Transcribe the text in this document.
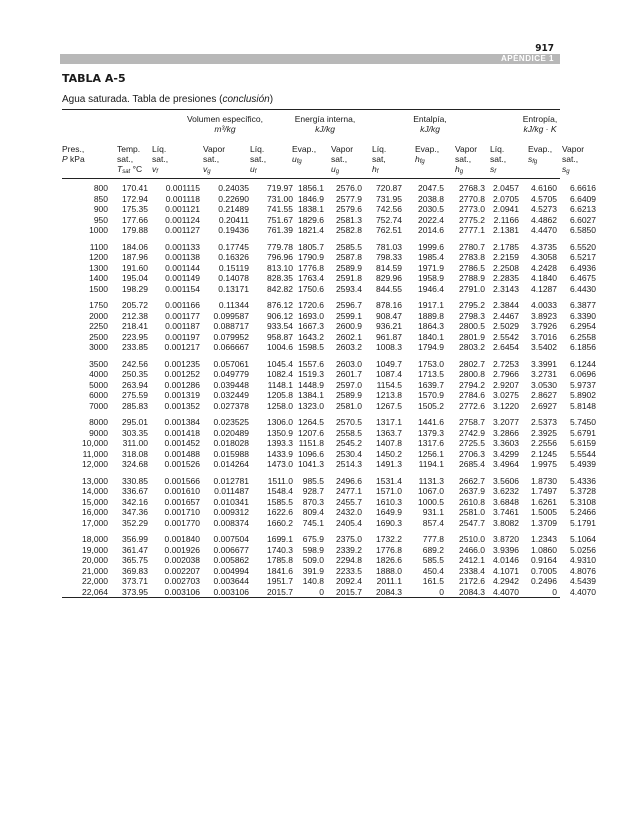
917
APÉNDICE 1
TABLA A-5
Agua saturada. Tabla de presiones (conclusión)
Volumen específico,
m³/kg
Energía interna,
kJ/kg
Entalpía,
kJ/kg
Entropía,
kJ/kg · K
Pres.,
P kPa
Temp.
sat.,
Tsat °C
Líq.
sat.,
vf
Vapor
sat.,
vg
Líq.
sat.,
uf
Evap.,
ufg
Vapor
sat.,
ug
Líq.
sat,
hf
Evap.,
hfg
Vapor
sat.,
hg
Líq.
sat.,
sf
Evap.,
sfg
Vapor
sat.,
sg
800 170.41 0.001115 0.24035 719.97 1856.1 2576.0 720.87 2047.5 2768.3 2.0457 4.6160 6.6616
850 172.94 0.001118 0.22690 731.00 1846.9 2577.9 731.95 2038.8 2770.8 2.0705 4.5705 6.6409
900 175.35 0.001121 0.21489 741.55 1838.1 2579.6 742.56 2030.5 2773.0 2.0941 4.5273 6.6213
950 177.66 0.001124 0.20411 751.67 1829.6 2581.3 752.74 2022.4 2775.2 2.1166 4.4862 6.6027
1000 179.88 0.001127 0.19436 761.39 1821.4 2582.8 762.51 2014.6 2777.1 2.1381 4.4470 6.5850
1100 184.06 0.001133 0.17745 779.78 1805.7 2585.5 781.03 1999.6 2780.7 2.1785 4.3735 6.5520
1200 187.96 0.001138 0.16326 796.96 1790.9 2587.8 798.33 1985.4 2783.8 2.2159 4.3058 6.5217
1300 191.60 0.001144 0.15119 813.10 1776.8 2589.9 814.59 1971.9 2786.5 2.2508 4.2428 6.4936
1400 195.04 0.001149 0.14078 828.35 1763.4 2591.8 829.96 1958.9 2788.9 2.2835 4.1840 6.4675
1500 198.29 0.001154 0.13171 842.82 1750.6 2593.4 844.55 1946.4 2791.0 2.3143 4.1287 6.4430
1750 205.72 0.001166 0.11344 876.12 1720.6 2596.7 878.16 1917.1 2795.2 2.3844 4.0033 6.3877
2000 212.38 0.001177 0.099587 906.12 1693.0 2599.1 908.47 1889.8 2798.3 2.4467 3.8923 6.3390
2250 218.41 0.001187 0.088717 933.54 1667.3 2600.9 936.21 1864.3 2800.5 2.5029 3.7926 6.2954
2500 223.95 0.001197 0.079952 958.87 1643.2 2602.1 961.87 1840.1 2801.9 2.5542 3.7016 6.2558
3000 233.85 0.001217 0.066667 1004.6 1598.5 2603.2 1008.3 1794.9 2803.2 2.6454 3.5402 6.1856
3500 242.56 0.001235 0.057061 1045.4 1557.6 2603.0 1049.7 1753.0 2802.7 2.7253 3.3991 6.1244
4000 250.35 0.001252 0.049779 1082.4 1519.3 2601.7 1087.4 1713.5 2800.8 2.7966 3.2731 6.0696
5000 263.94 0.001286 0.039448 1148.1 1448.9 2597.0 1154.5 1639.7 2794.2 2.9207 3.0530 5.9737
6000 275.59 0.001319 0.032449 1205.8 1384.1 2589.9 1213.8 1570.9 2784.6 3.0275 2.8627 5.8902
7000 285.83 0.001352 0.027378 1258.0 1323.0 2581.0 1267.5 1505.2 2772.6 3.1220 2.6927 5.8148
8000 295.01 0.001384 0.023525 1306.0 1264.5 2570.5 1317.1 1441.6 2758.7 3.2077 2.5373 5.7450
9000 303.35 0.001418 0.020489 1350.9 1207.6 2558.5 1363.7 1379.3 2742.9 3.2866 2.3925 5.6791
10,000 311.00 0.001452 0.018028 1393.3 1151.8 2545.2 1407.8 1317.6 2725.5 3.3603 2.2556 5.6159
11,000 318.08 0.001488 0.015988 1433.9 1096.6 2530.4 1450.2 1256.1 2706.3 3.4299 2.1245 5.5544
12,000 324.68 0.001526 0.014264 1473.0 1041.3 2514.3 1491.3 1194.1 2685.4 3.4964 1.9975 5.4939
13,000 330.85 0.001566 0.012781 1511.0 985.5 2496.6 1531.4 1131.3 2662.7 3.5606 1.8730 5.4336
14,000 336.67 0.001610 0.011487 1548.4 928.7 2477.1 1571.0 1067.0 2637.9 3.6232 1.7497 5.3728
15,000 342.16 0.001657 0.010341 1585.5 870.3 2455.7 1610.3 1000.5 2610.8 3.6848 1.6261 5.3108
16,000 347.36 0.001710 0.009312 1622.6 809.4 2432.0 1649.9 931.1 2581.0 3.7461 1.5005 5.2466
17,000 352.29 0.001770 0.008374 1660.2 745.1 2405.4 1690.3 857.4 2547.7 3.8082 1.3709 5.1791
18,000 356.99 0.001840 0.007504 1699.1 675.9 2375.0 1732.2 777.8 2510.0 3.8720 1.2343 5.1064
19,000 361.47 0.001926 0.006677 1740.3 598.9 2339.2 1776.8 689.2 2466.0 3.9396 1.0860 5.0256
20,000 365.75 0.002038 0.005862 1785.8 509.0 2294.8 1826.6 585.5 2412.1 4.0146 0.9164 4.9310
21,000 369.83 0.002207 0.004994 1841.6 391.9 2233.5 1888.0 450.4 2338.4 4.1071 0.7005 4.8076
22,000 373.71 0.002703 0.003644 1951.7 140.8 2092.4 2011.1 161.5 2172.6 4.2942 0.2496 4.5439
22,064 373.95 0.003106 0.003106 2015.7	0 2015.7 2084.3	0 2084.3 4.4070	0 4.4070
